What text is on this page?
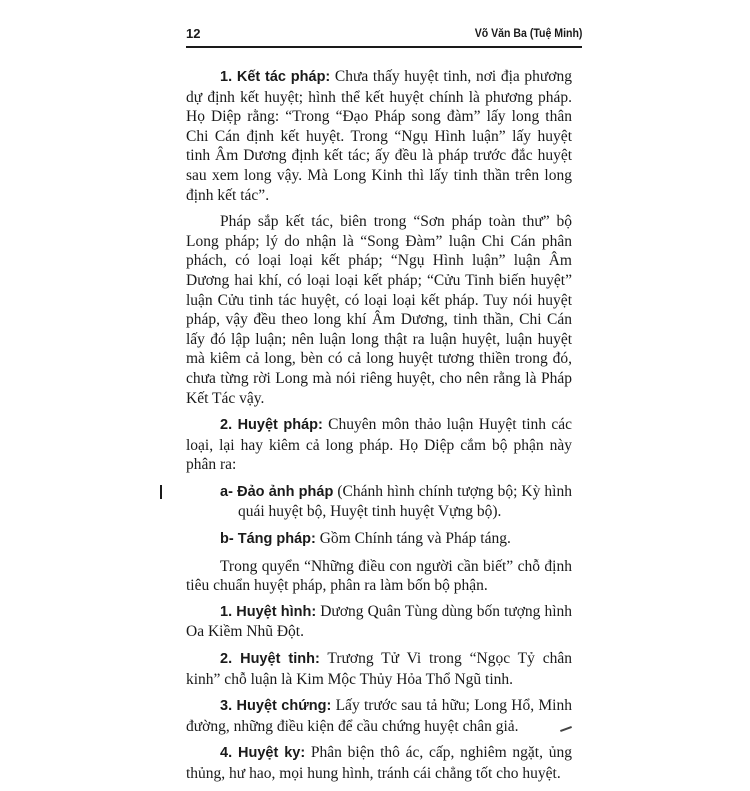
12	Võ Văn Ba (Tuệ Minh)

1. Kết tác pháp: Chưa thấy huyệt tinh, nơi địa phương dự định kết huyệt; hình thể kết huyệt chính là phương pháp. Họ Diệp rằng: “Trong “Đạo Pháp song đàm” lấy long thân Chi Cán định kết huyệt. Trong “Ngụ Hình luận” lấy huyệt tinh Âm Dương định kết tác; ấy đều là pháp trước đắc huyệt sau xem long vậy. Mà Long Kinh thì lấy tinh thần trên long định kết tác”.

Pháp sắp kết tác, biên trong “Sơn pháp toàn thư” bộ Long pháp; lý do nhận là “Song Đàm” luận Chi Cán phân phách, có loại loại kết pháp; “Ngụ Hình luận” luận Âm Dương hai khí, có loại loại kết pháp; “Cửu Tinh biến huyệt” luận Cửu tinh tác huyệt, có loại loại kết pháp. Tuy nói huyệt pháp, vậy đều theo long khí Âm Dương, tinh thần, Chi Cán lấy đó lập luận; nên luận long thật ra luận huyệt, luận huyệt mà kiêm cả long, bèn có cả long huyệt tương thiền trong đó, chưa từng rời Long mà nói riêng huyệt, cho nên rằng là Pháp Kết Tác vậy.

2. Huyệt pháp: Chuyên môn thảo luận Huyệt tinh các loại, lại hay kiêm cả long pháp. Họ Diệp cắm bộ phận này phân ra:

a- Đảo ảnh pháp (Chánh hình chính tượng bộ; Kỳ hình quái huyệt bộ, Huyệt tinh huyệt Vựng bộ).

b- Táng pháp: Gồm Chính táng và Pháp táng.

Trong quyển “Những điều con người cần biết” chỗ định tiêu chuẩn huyệt pháp, phân ra làm bốn bộ phận.

1. Huyệt hình: Dương Quân Tùng dùng bốn tượng hình Oa Kiềm Nhũ Đột.

2. Huyệt tinh: Trương Tử Vi trong “Ngọc Tỷ chân kinh” chỗ luận là Kim Mộc Thủy Hỏa Thổ Ngũ tinh.

3. Huyệt chứng: Lấy trước sau tả hữu; Long Hổ, Minh đường, những điều kiện để cầu chứng huyệt chân giả.

4. Huyệt ky: Phân biện thô ác, cấp, nghiêm ngặt, ủng thủng, hư hao, mọi hung hình, tránh cái chẳng tốt cho huyệt.
